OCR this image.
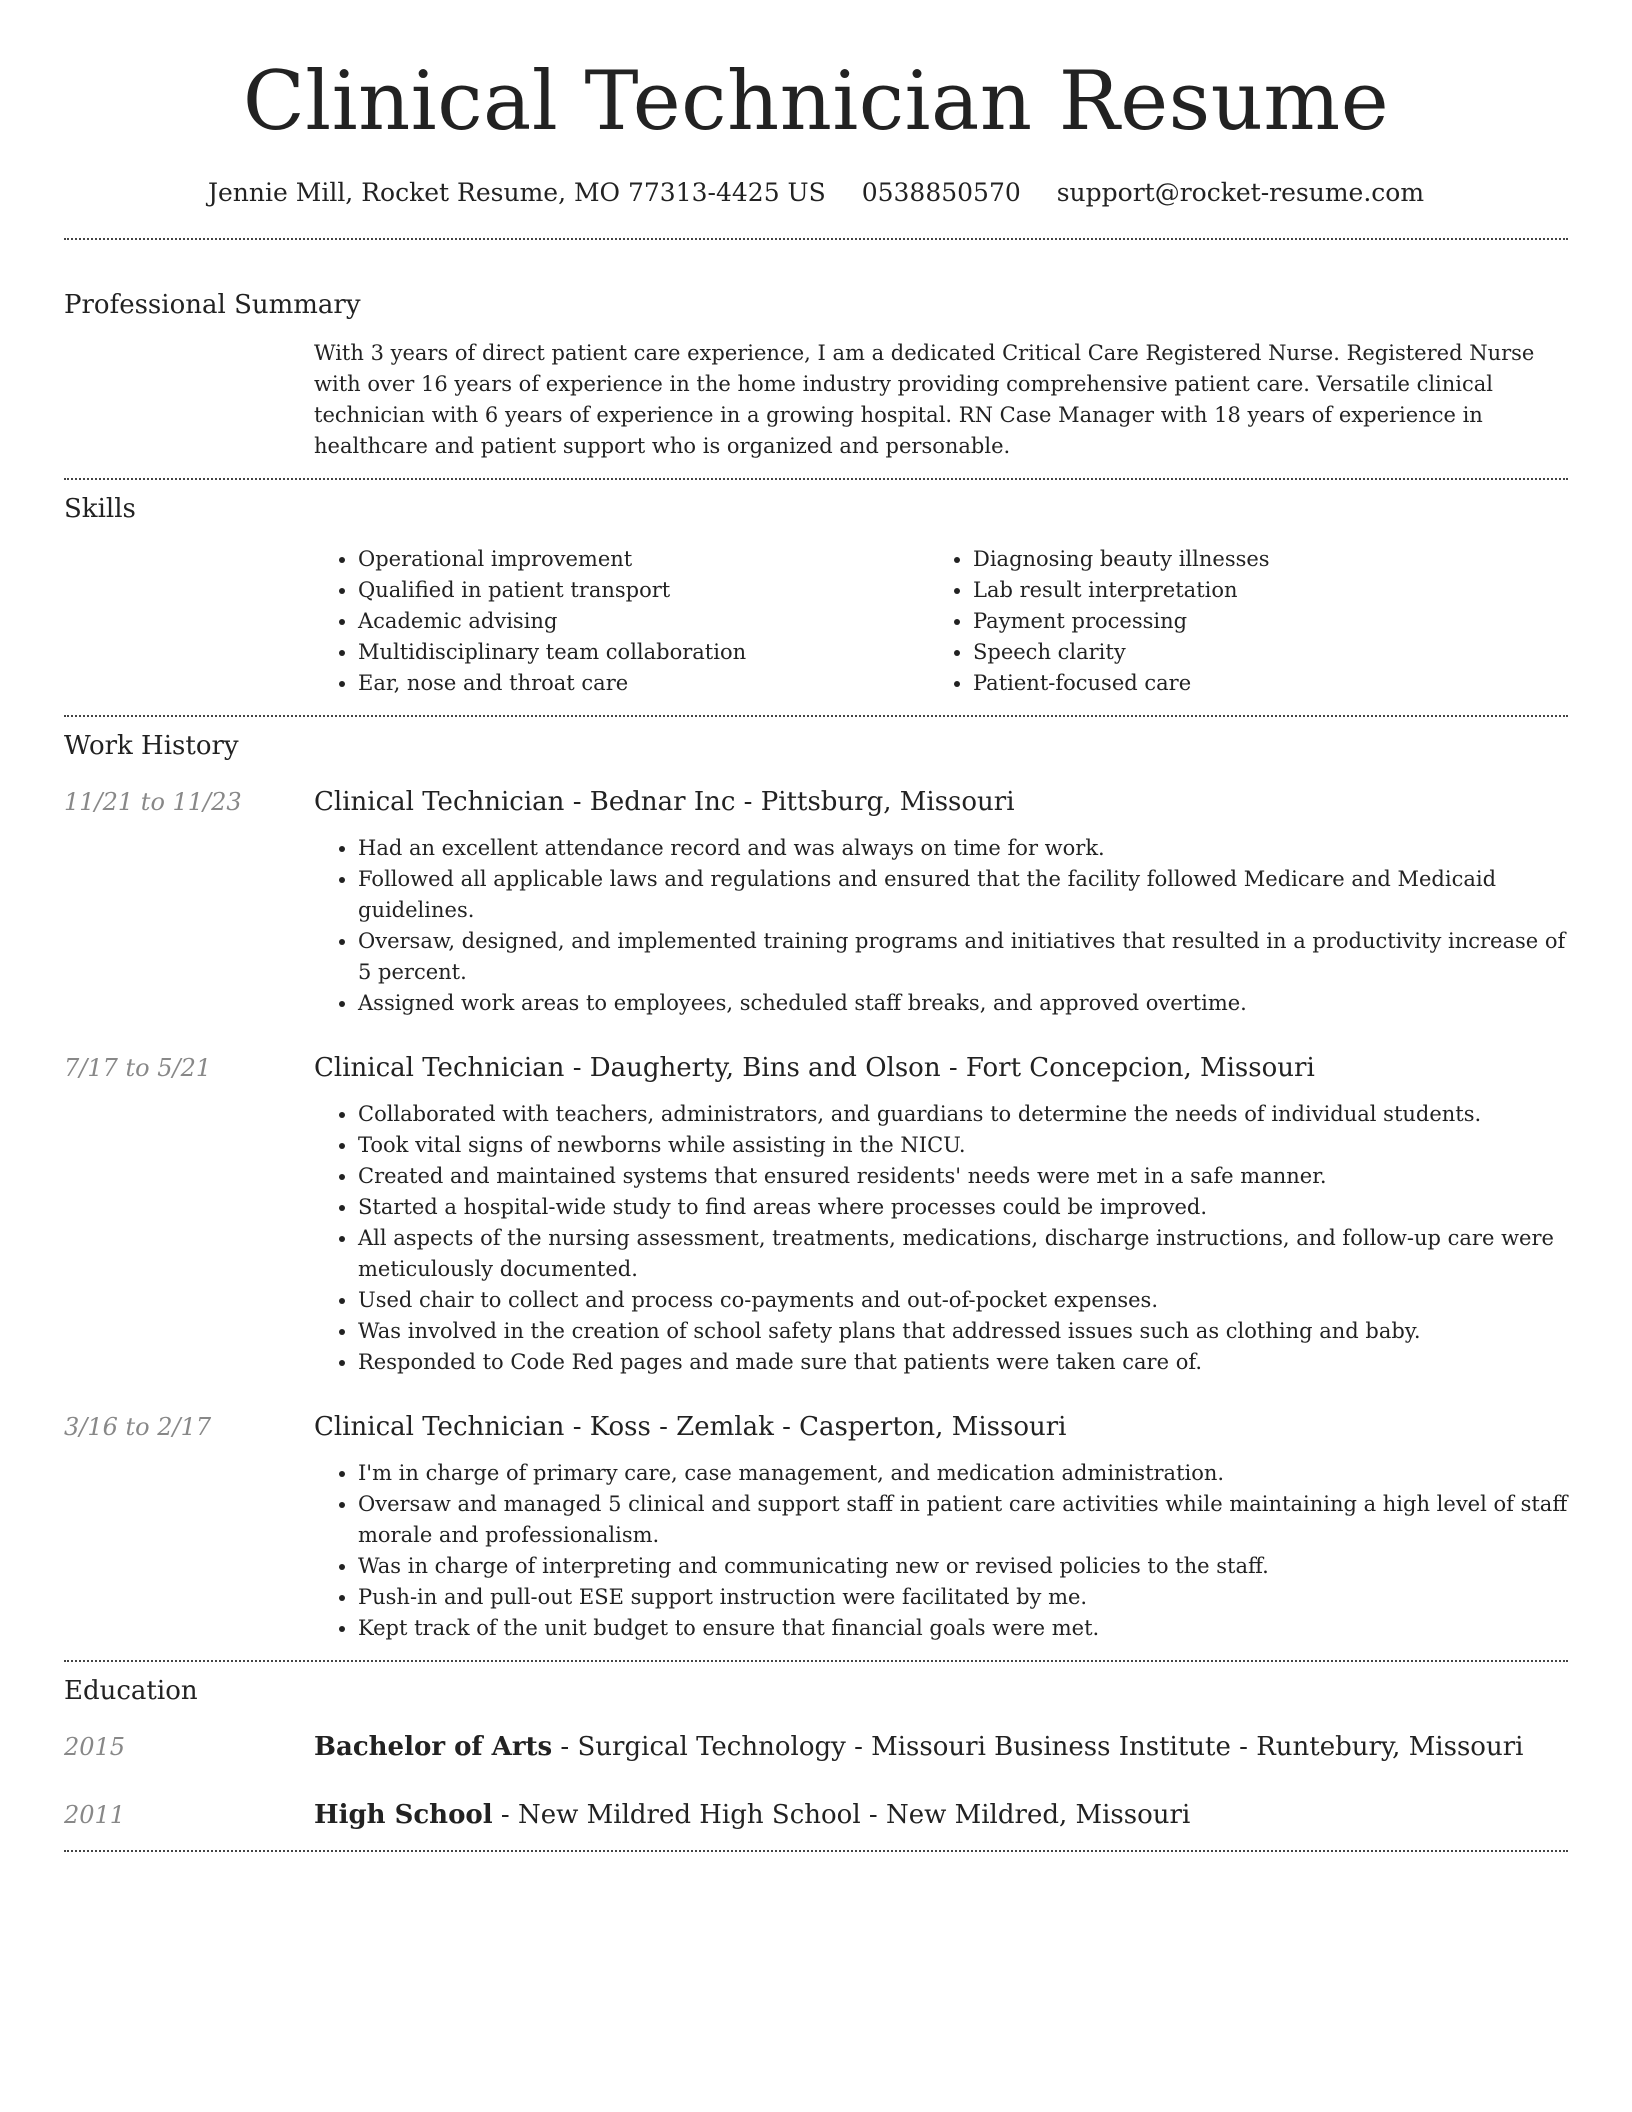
Clinical Technician Resume
Jennie Mill, Rocket Resume, MO 77313-4425 US 0538850570 support@rocket-resume.com
Professional Summary

With 3 years of direct patient care experience, I am a dedicated Critical Care Registered Nurse. Registered Nurse with over 16 years of experience in the home industry providing comprehensive patient care. Versatile clinical technician with 6 years of experience in a growing hospital. RN Case Manager with 18 years of experience in healthcare and patient support who is organized and personable.

Skills
• Operational improvement
• Qualified in patient transport
• Academic advising
• Multidisciplinary team collaboration
• Ear, nose and throat care
• Diagnosing beauty illnesses
• Lab result interpretation
• Payment processing
• Speech clarity
• Patient-focused care
Work History
11/21 to 11/23	Clinical Technician - Bednar Inc - Pittsburg, Missouri
• Had an excellent attendance record and was always on time for work.
• Followed all applicable laws and regulations and ensured that the facility followed Medicare and Medicaid guidelines.
• Oversaw, designed, and implemented training programs and initiatives that resulted in a productivity increase of 5 percent.
• Assigned work areas to employees, scheduled staff breaks, and approved overtime.
7/17 to 5/21	Clinical Technician - Daugherty, Bins and Olson - Fort Concepcion, Missouri
• Collaborated with teachers, administrators, and guardians to determine the needs of individual students.
• Took vital signs of newborns while assisting in the NICU.
• Created and maintained systems that ensured residents' needs were met in a safe manner.
• Started a hospital-wide study to find areas where processes could be improved.
• All aspects of the nursing assessment, treatments, medications, discharge instructions, and follow-up care were meticulously documented.
• Used chair to collect and process co-payments and out-of-pocket expenses.
• Was involved in the creation of school safety plans that addressed issues such as clothing and baby.
• Responded to Code Red pages and made sure that patients were taken care of.
3/16 to 2/17	Clinical Technician - Koss - Zemlak - Casperton, Missouri
• I'm in charge of primary care, case management, and medication administration.
• Oversaw and managed 5 clinical and support staff in patient care activities while maintaining a high level of staff morale and professionalism.
• Was in charge of interpreting and communicating new or revised policies to the staff.
• Push-in and pull-out ESE support instruction were facilitated by me.
• Kept track of the unit budget to ensure that financial goals were met.
Education
2015	Bachelor of Arts - Surgical Technology - Missouri Business Institute - Runtebury, Missouri
2011	High School - New Mildred High School - New Mildred, Missouri
